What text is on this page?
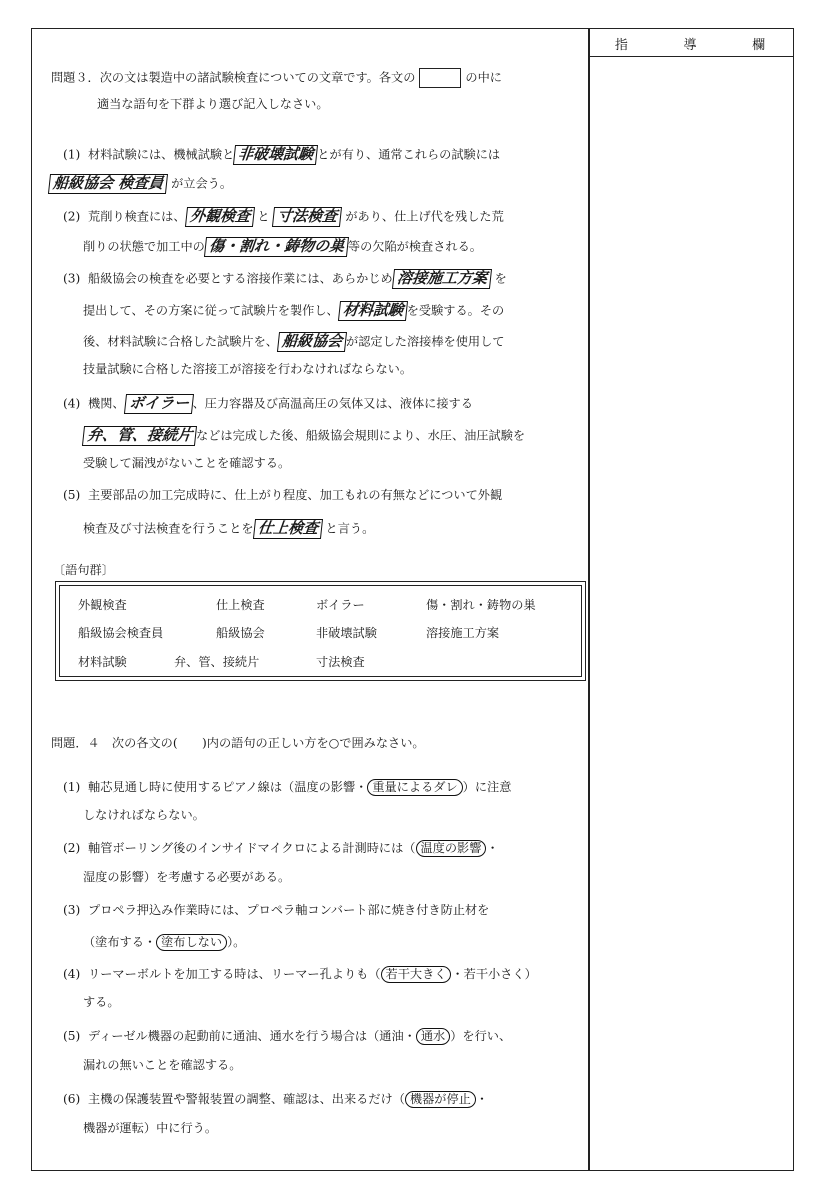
指	導	欄
問題３．次の文は製造中の諸試験検査についての文章です。各文の	の中に
適当な語句を下群より選び記入しなさい。
(1) 材料試験には、機械試験と 非破壊試験 とが有り、通常これらの試験には
船級協会 検査員 が立会う。
(2) 荒削り検査には、 外観検査 と 寸法検査 があり、仕上げ代を残した荒
削りの状態で加工中の 傷・割れ・鋳物の巣 等の欠陥が検査される。
(3) 船級協会の検査を必要とする溶接作業には、あらかじめ 溶接施工方案 を
提出して、その方案に従って試験片を製作し、 材料試験 を受験する。その
後、材料試験に合格した試験片を、 船級協会 が認定した溶接棒を使用して
技量試験に合格した溶接工が溶接を行わなければならない。
(4) 機関、 ボイラー 、圧力容器及び高温高圧の気体又は、液体に接する
弁、管、接続片 などは完成した後、船級協会規則により、水圧、油圧試験を
受験して漏洩がないことを確認する。
(5) 主要部品の加工完成時に、仕上がり程度、加工もれの有無などについて外観
検査及び寸法検査を行うことを 仕上検査 と言う。
〔語句群〕
外観検査	仕上検査	ボイラー	傷・割れ・鋳物の巣
船級協会検査員	船級協会	非破壊試験	溶接施工方案
材料試験	弁、管、接続片	寸法検査
問題．４　次の各文の(　　)内の語句の正しい方を○で囲みなさい。
(1) 軸芯見通し時に使用するピアノ線は（温度の影響・ 重量によるダレ ）に注意
しなければならない。
(2) 軸管ボーリング後のインサイドマイクロによる計測時には（ 温度の影響 ・
湿度の影響）を考慮する必要がある。
(3) プロペラ押込み作業時には、プロペラ軸コンバート部に焼き付き防止材を
（塗布する・ 塗布しない ）。
(4) リーマーボルトを加工する時は、リーマー孔よりも（ 若干大きく ・若干小さく）
する。
(5) ディーゼル機器の起動前に通油、通水を行う場合は（通油・ 通水 ）を行い、
漏れの無いことを確認する。
(6) 主機の保護装置や警報装置の調整、確認は、出来るだけ（ 機器が停止 ・
機器が運転）中に行う。
